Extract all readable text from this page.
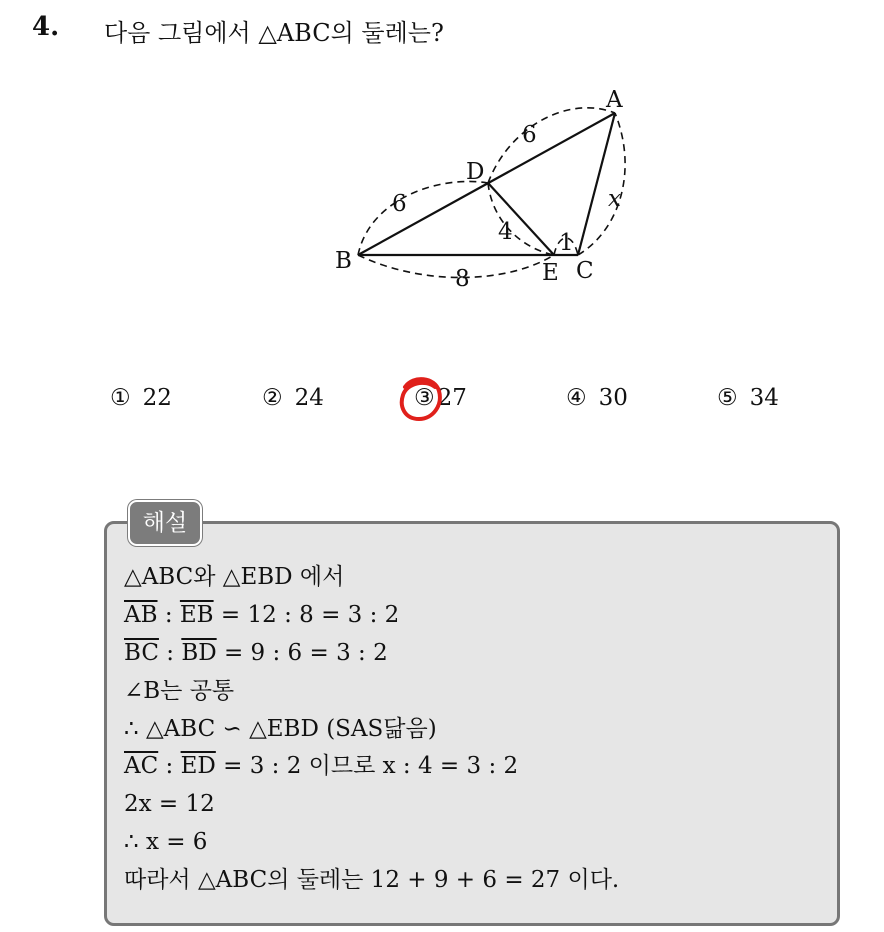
4. 다음 그림에서 △ABC의 둘레는?
A
B	C
D
E
6
6
8
4 1
x
① 22	② 24	③ 27	④ 30	⑤ 34
해설
△ABC와 △EBD 에서
$\overline{AB}$ : $\overline{EB} = 12$ : 8 = 3 : 2
$\overline{BC}$ : $\overline{BD} = 9$ : 6 = 3 : 2
∠B는 공통
∴ △ABC ∽ △EBD (SAS닮음)
$\overline{AC}$ : $\overline{ED} = 3$ : 2 이므로 x : 4 = 3 : 2
2x = 12
∴ x = 6
따라서 △ABC의 둘레는 12 + 9 + 6 = 27 이다.
